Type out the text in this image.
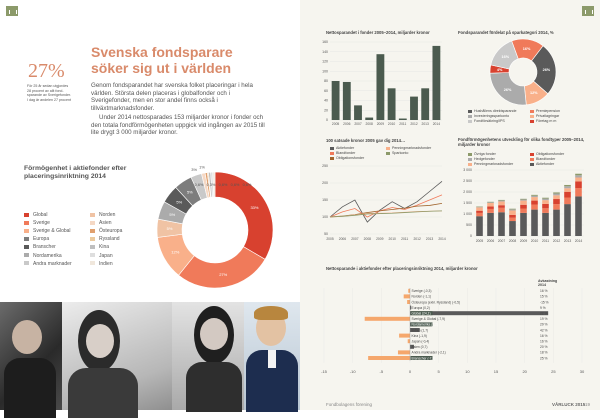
27%
För 25 år sedan utgjordes
28 procent av allt fond-
sparande av Sverigefonder.
I dag är andelen 27 procent
Svenska fondsparare
söker sig ut i världen
Genom fondsparandet har svenska folket placeringar i hela världen. Största delen placeras i globalfonder och i Sverigefonder, men en stor andel finns också i tillväxtmarknadsfonder.
Under 2014 nettosparades 153 miljarder kronor i fonder och den totala fondförmögenheten uppgick vid ingången av 2015 till lite drygt 3 000 miljarder kronor.
Förmögenhet i aktiefonder efter
placeringsinriktning 2014
Global
Sverige
Sverige & Global
Europa
Branscher
Nordamerika
Andra marknader
Norden
Asien
Östeuropa
Ryssland
Kina
Japan
Indien
33%
27%
12%
5%
5%
5%
5%
3% 1%
0,6% 0,3% 0,6% 0,6% 0,6%
Nettosparandet i fonder 2005–2014, miljarder kronor
0
20
40
60
80
100
120
140
160
2005 2006 2007 2008 2009 2010 2011 2012 2013 2014
Fondsparandet fördelat på sparkategori 2014, %
16%
26%
12%
26%
4%
16%
Hushållens direktsparande
Investeringssparkonto
Fondförsäkring/IPS
Premiepension
Privatlagringar
Företag m m
100 satsade kronor 2005 gav dig 2014…
Aktiefonder
Blandfonder
Obligationsfonder
Penningmarknadsfonder
Sparkonto
50
100
150
200
250
2005 2006 2007 2008 2009 2010 2011 2012 2013 2014
Fondförmögenhetens utveckling för olika fondtyper 2005–2014, miljarder kronor
Övriga fonder
Hedgefonder
Penningmarknadsfonder
Obligationsfonder
Blandfonder
Aktiefonder
0
500
1 000
1 500
2 000
2 500
3 000
2005 2006 2007 2008 2009 2010 2011 2012 2013 2014
Nettosparande i aktiefonder efter placeringsinriktning 2014, miljarder kronor
Avkastning
2014
-15	-10	-5	0	5	10	15	20	25	30
Sverige (-0,3)	16 %
Norden (-1,1)	15 %
Östeuropa (exkl. Ryssland) (-0,5)	-15 %
Europa (0,2)	9 %
Global (24,1)	22 %
Sverige & Global (-7,9)	19 %
Nordamerika (1,2)	29 %
Indien (1,7)	42 %
Kina (-1,9)	16 %
Japan (-0,4)	16 %
Asien (0,7)	20 %
Andra marknader (-2,1)	18 %
Branscher (-7,3)	25 %
Fondbolagens förening	VÅRLUCK 2015 19
